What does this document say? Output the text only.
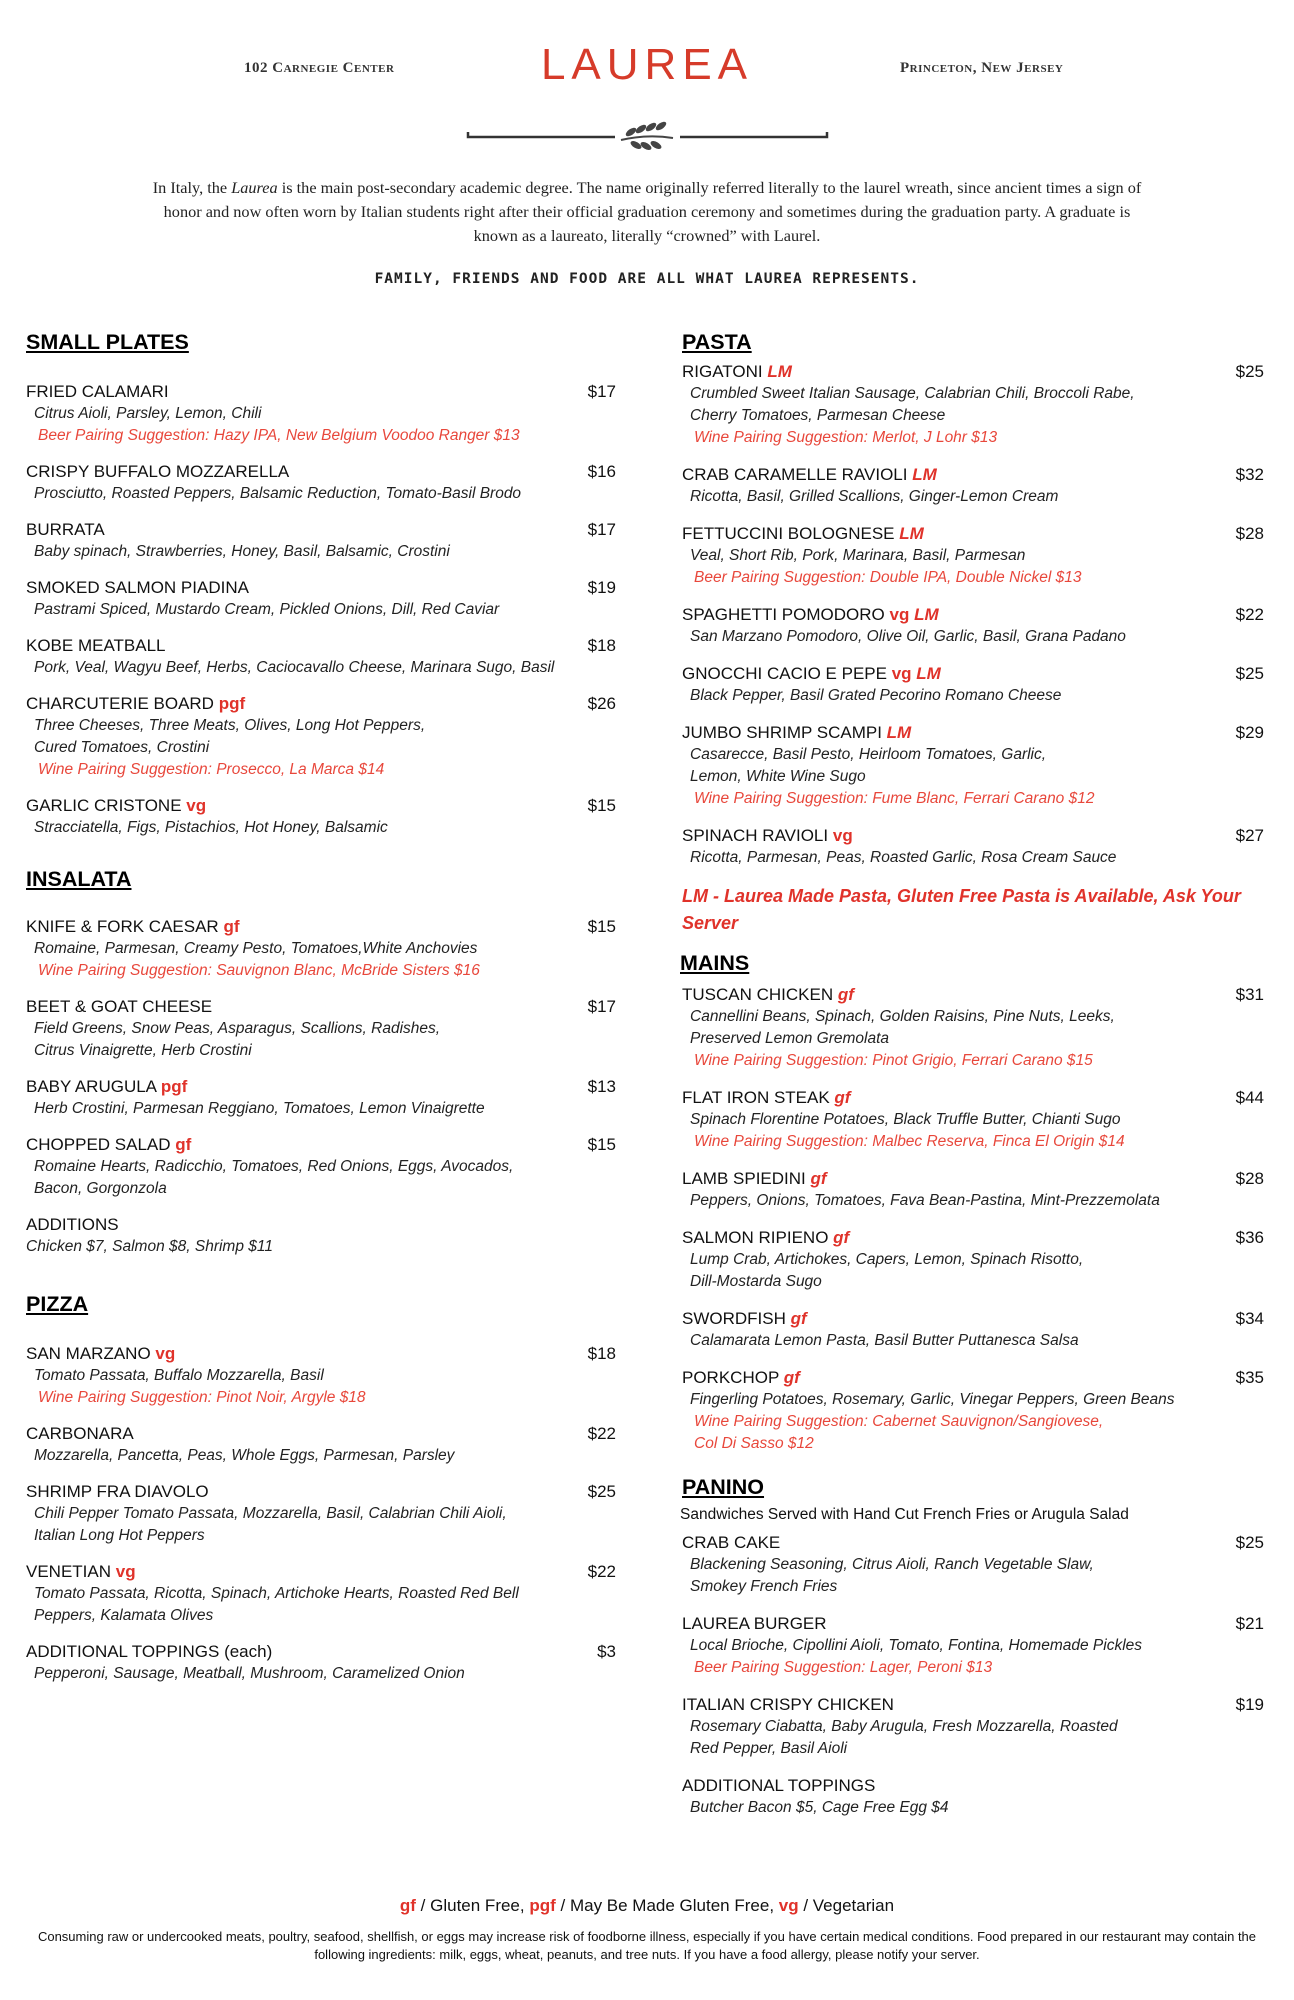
102 Carnegie Center	LAUREA	Princeton, New Jersey
In Italy, the Laurea is the main post-secondary academic degree. The name originally referred literally to the laurel wreath, since ancient times a sign of honor and now often worn by Italian students right after their official graduation ceremony and sometimes during the graduation party. A graduate is known as a laureato, literally “crowned” with Laurel.
FAMILY, FRIENDS AND FOOD ARE ALL WHAT LAUREA REPRESENTS.
SMALL PLATES
FRIED CALAMARI	$17
Citrus Aioli, Parsley, Lemon, Chili
Beer Pairing Suggestion: Hazy IPA, New Belgium Voodoo Ranger $13
CRISPY BUFFALO MOZZARELLA	$16
Prosciutto, Roasted Peppers, Balsamic Reduction, Tomato-Basil Brodo
BURRATA	$17
Baby spinach, Strawberries, Honey, Basil, Balsamic, Crostini
SMOKED SALMON PIADINA	$19
Pastrami Spiced, Mustardo Cream, Pickled Onions, Dill, Red Caviar
KOBE MEATBALL	$18
Pork, Veal, Wagyu Beef, Herbs, Caciocavallo Cheese, Marinara Sugo, Basil
CHARCUTERIE BOARD pgf	$26
Three Cheeses, Three Meats, Olives, Long Hot Peppers,
Cured Tomatoes, Crostini
Wine Pairing Suggestion: Prosecco, La Marca $14
GARLIC CRISTONE vg	$15
Stracciatella, Figs, Pistachios, Hot Honey, Balsamic
INSALATA
KNIFE & FORK CAESAR gf	$15
Romaine, Parmesan, Creamy Pesto, Tomatoes,White Anchovies
Wine Pairing Suggestion: Sauvignon Blanc, McBride Sisters $16
BEET & GOAT CHEESE	$17
Field Greens, Snow Peas, Asparagus, Scallions, Radishes,
Citrus Vinaigrette, Herb Crostini
BABY ARUGULA pgf	$13
Herb Crostini, Parmesan Reggiano, Tomatoes, Lemon Vinaigrette
CHOPPED SALAD gf	$15
Romaine Hearts, Radicchio, Tomatoes, Red Onions, Eggs, Avocados,
Bacon, Gorgonzola
ADDITIONS
Chicken $7, Salmon $8, Shrimp $11
PIZZA
SAN MARZANO vg	$18
Tomato Passata, Buffalo Mozzarella, Basil
Wine Pairing Suggestion: Pinot Noir, Argyle $18
CARBONARA	$22
Mozzarella, Pancetta, Peas, Whole Eggs, Parmesan, Parsley
SHRIMP FRA DIAVOLO	$25
Chili Pepper Tomato Passata, Mozzarella, Basil, Calabrian Chili Aioli,
Italian Long Hot Peppers
VENETIAN vg	$22
Tomato Passata, Ricotta, Spinach, Artichoke Hearts, Roasted Red Bell
Peppers, Kalamata Olives
ADDITIONAL TOPPINGS (each)	$3
Pepperoni, Sausage, Meatball, Mushroom, Caramelized Onion
PASTA
RIGATONI LM	$25
Crumbled Sweet Italian Sausage, Calabrian Chili, Broccoli Rabe,
Cherry Tomatoes, Parmesan Cheese
Wine Pairing Suggestion: Merlot, J Lohr $13
CRAB CARAMELLE RAVIOLI LM	$32
Ricotta, Basil, Grilled Scallions, Ginger-Lemon Cream
FETTUCCINI BOLOGNESE LM	$28
Veal, Short Rib, Pork, Marinara, Basil, Parmesan
Beer Pairing Suggestion: Double IPA, Double Nickel $13
SPAGHETTI POMODORO vg LM	$22
San Marzano Pomodoro, Olive Oil, Garlic, Basil, Grana Padano
GNOCCHI CACIO E PEPE vg LM	$25
Black Pepper, Basil Grated Pecorino Romano Cheese
JUMBO SHRIMP SCAMPI LM	$29
Casarecce, Basil Pesto, Heirloom Tomatoes, Garlic,
Lemon, White Wine Sugo
Wine Pairing Suggestion: Fume Blanc, Ferrari Carano $12
SPINACH RAVIOLI vg	$27
Ricotta, Parmesan, Peas, Roasted Garlic, Rosa Cream Sauce
LM - Laurea Made Pasta, Gluten Free Pasta is Available, Ask Your Server
MAINS
TUSCAN CHICKEN gf	$31
Cannellini Beans, Spinach, Golden Raisins, Pine Nuts, Leeks,
Preserved Lemon Gremolata
Wine Pairing Suggestion: Pinot Grigio, Ferrari Carano $15
FLAT IRON STEAK gf	$44
Spinach Florentine Potatoes, Black Truffle Butter, Chianti Sugo
Wine Pairing Suggestion: Malbec Reserva, Finca El Origin $14
LAMB SPIEDINI gf	$28
Peppers, Onions, Tomatoes, Fava Bean-Pastina, Mint-Prezzemolata
SALMON RIPIENO gf	$36
Lump Crab, Artichokes, Capers, Lemon, Spinach Risotto,
Dill-Mostarda Sugo
SWORDFISH gf	$34
Calamarata Lemon Pasta, Basil Butter Puttanesca Salsa
PORKCHOP gf	$35
Fingerling Potatoes, Rosemary, Garlic, Vinegar Peppers, Green Beans
Wine Pairing Suggestion: Cabernet Sauvignon/Sangiovese,
Col Di Sasso $12
PANINO
Sandwiches Served with Hand Cut French Fries or Arugula Salad
CRAB CAKE	$25
Blackening Seasoning, Citrus Aioli, Ranch Vegetable Slaw,
Smokey French Fries
LAUREA BURGER	$21
Local Brioche, Cipollini Aioli, Tomato, Fontina, Homemade Pickles
Beer Pairing Suggestion: Lager, Peroni $13
ITALIAN CRISPY CHICKEN	$19
Rosemary Ciabatta, Baby Arugula, Fresh Mozzarella, Roasted
Red Pepper, Basil Aioli
ADDITIONAL TOPPINGS
Butcher Bacon $5, Cage Free Egg $4
gf / Gluten Free, pgf / May Be Made Gluten Free, vg / Vegetarian
Consuming raw or undercooked meats, poultry, seafood, shellfish, or eggs may increase risk of foodborne illness, especially if you have certain medical conditions. Food prepared in our restaurant may contain the following ingredients: milk, eggs, wheat, peanuts, and tree nuts. If you have a food allergy, please notify your server.
